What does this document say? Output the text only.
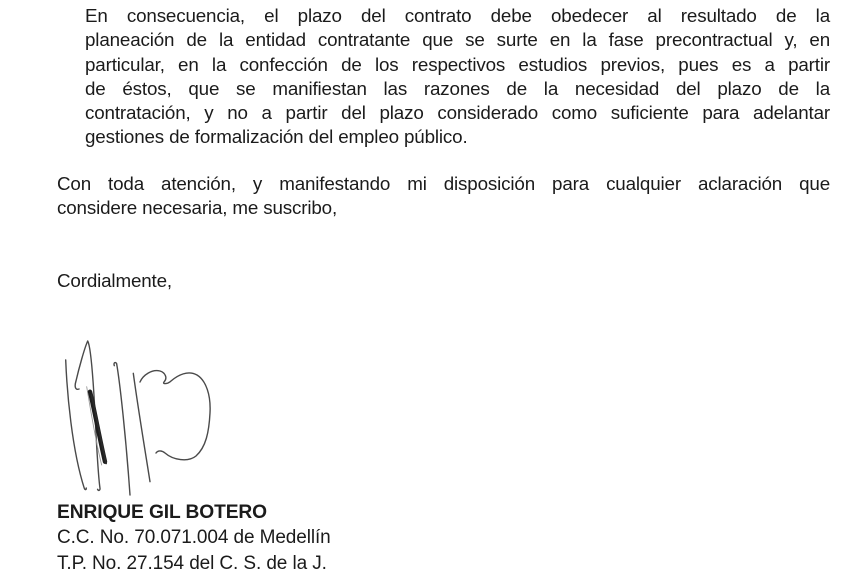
En consecuencia, el plazo del contrato debe obedecer al resultado de la
planeación de la entidad contratante que se surte en la fase precontractual y, en
particular, en la confección de los respectivos estudios previos, pues es a partir
de éstos, que se manifiestan las razones de la necesidad del plazo de la
contratación, y no a partir del plazo considerado como suficiente para adelantar
gestiones de formalización del empleo público.
Con toda atención, y manifestando mi disposición para cualquier aclaración que
considere necesaria, me suscribo,
Cordialmente,
ENRIQUE GIL BOTERO
C.C. No. 70.071.004 de Medellín
T.P. No. 27.154 del C. S. de la J.
